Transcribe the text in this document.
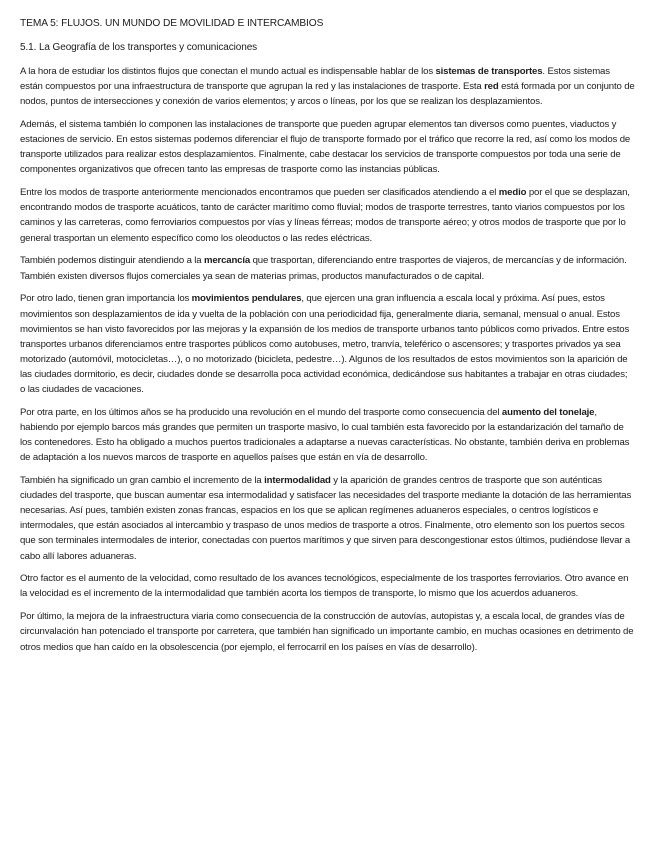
TEMA 5: FLUJOS. UN MUNDO DE MOVILIDAD E INTERCAMBIOS
5.1. La Geografía de los transportes y comunicaciones
A la hora de estudiar los distintos flujos que conectan el mundo actual es indispensable hablar de los sistemas de transportes. Estos sistemas están compuestos por una infraestructura de transporte que agrupan la red y las instalaciones de trasporte. Esta red está formada por un conjunto de nodos, puntos de intersecciones y conexión de varios elementos; y arcos o líneas, por los que se realizan los desplazamientos.
Además, el sistema también lo componen las instalaciones de transporte que pueden agrupar elementos tan diversos como puentes, viaductos y estaciones de servicio. En estos sistemas podemos diferenciar el flujo de transporte formado por el tráfico que recorre la red, así como los modos de transporte utilizados para realizar estos desplazamientos. Finalmente, cabe destacar los servicios de transporte compuestos por toda una serie de componentes organizativos que ofrecen tanto las empresas de trasporte como las instancias públicas.
Entre los modos de trasporte anteriormente mencionados encontramos que pueden ser clasificados atendiendo a el medio por el que se desplazan, encontrando modos de trasporte acuáticos, tanto de carácter marítimo como fluvial; modos de trasporte terrestres, tanto viarios compuestos por los caminos y las carreteras, como ferroviarios compuestos por vías y líneas férreas; modos de transporte aéreo; y otros modos de trasporte que por lo general trasportan un elemento específico como los oleoductos o las redes eléctricas.
También podemos distinguir atendiendo a la mercancía que trasportan, diferenciando entre trasportes de viajeros, de mercancías y de información. También existen diversos flujos comerciales ya sean de materias primas, productos manufacturados o de capital.
Por otro lado, tienen gran importancia los movimientos pendulares, que ejercen una gran influencia a escala local y próxima. Así pues, estos movimientos son desplazamientos de ida y vuelta de la población con una periodicidad fija, generalmente diaria, semanal, mensual o anual. Estos movimientos se han visto favorecidos por las mejoras y la expansión de los medios de transporte urbanos tanto públicos como privados. Entre estos transportes urbanos diferenciamos entre trasportes públicos como autobuses, metro, tranvía, teleférico o ascensores; y trasportes privados ya sea motorizado (automóvil, motocicletas…), o no motorizado (bicicleta, pedestre…). Algunos de los resultados de estos movimientos son la aparición de las ciudades dormitorio, es decir, ciudades donde se desarrolla poca actividad económica, dedicándose sus habitantes a trabajar en otras ciudades; o las ciudades de vacaciones.
Por otra parte, en los últimos años se ha producido una revolución en el mundo del trasporte como consecuencia del aumento del tonelaje, habiendo por ejemplo barcos más grandes que permiten un trasporte masivo, lo cual también esta favorecido por la estandarización del tamaño de los contenedores. Esto ha obligado a muchos puertos tradicionales a adaptarse a nuevas características. No obstante, también deriva en problemas de adaptación a los nuevos marcos de trasporte en aquellos países que están en vía de desarrollo.
También ha significado un gran cambio el incremento de la intermodalidad y la aparición de grandes centros de trasporte que son auténticas ciudades del trasporte, que buscan aumentar esa intermodalidad y satisfacer las necesidades del trasporte mediante la dotación de las herramientas necesarias. Así pues, también existen zonas francas, espacios en los que se aplican regímenes aduaneros especiales, o centros logísticos e intermodales, que están asociados al intercambio y traspaso de unos medios de trasporte a otros. Finalmente, otro elemento son los puertos secos que son terminales intermodales de interior, conectadas con puertos marítimos y que sirven para descongestionar estos últimos, pudiéndose llevar a cabo allí labores aduaneras.
Otro factor es el aumento de la velocidad, como resultado de los avances tecnológicos, especialmente de los trasportes ferroviarios. Otro avance en la velocidad es el incremento de la intermodalidad que también acorta los tiempos de transporte, lo mismo que los acuerdos aduaneros.
Por último, la mejora de la infraestructura viaria como consecuencia de la construcción de autovías, autopistas y, a escala local, de grandes vías de circunvalación han potenciado el transporte por carretera, que también han significado un importante cambio, en muchas ocasiones en detrimento de otros medios que han caído en la obsolescencia (por ejemplo, el ferrocarril en los países en vías de desarrollo).
